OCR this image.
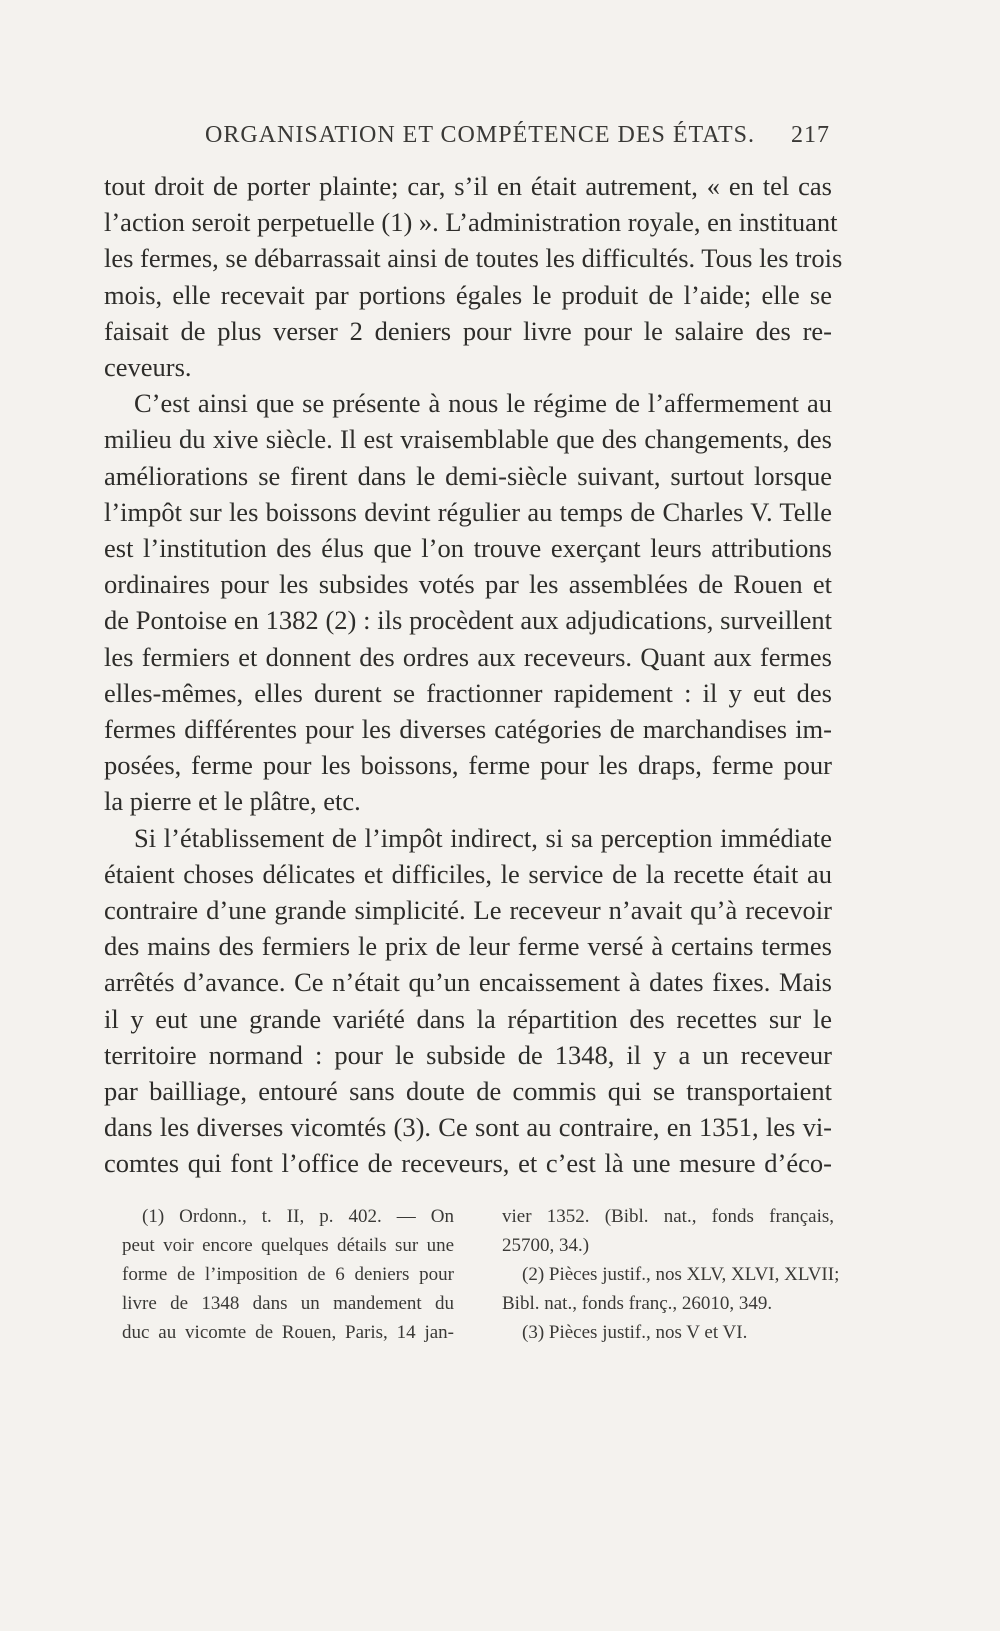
ORGANISATION ET COMPÉTENCE DES ÉTATS. 217
tout droit de porter plainte; car, s’il en était autrement, « en tel cas
l’action seroit perpetuelle (1) ». L’administration royale, en instituant
les fermes, se débarrassait ainsi de toutes les difficultés. Tous les trois
mois, elle recevait par portions égales le produit de l’aide; elle se
faisait de plus verser 2 deniers pour livre pour le salaire des re-
ceveurs.
C’est ainsi que se présente à nous le régime de l’affermement au
milieu du xive siècle. Il est vraisemblable que des changements, des
améliorations se firent dans le demi-siècle suivant, surtout lorsque
l’impôt sur les boissons devint régulier au temps de Charles V. Telle
est l’institution des élus que l’on trouve exerçant leurs attributions
ordinaires pour les subsides votés par les assemblées de Rouen et
de Pontoise en 1382 (2) : ils procèdent aux adjudications, surveillent
les fermiers et donnent des ordres aux receveurs. Quant aux fermes
elles-mêmes, elles durent se fractionner rapidement : il y eut des
fermes différentes pour les diverses catégories de marchandises im-
posées, ferme pour les boissons, ferme pour les draps, ferme pour
la pierre et le plâtre, etc.
Si l’établissement de l’impôt indirect, si sa perception immédiate
étaient choses délicates et difficiles, le service de la recette était au
contraire d’une grande simplicité. Le receveur n’avait qu’à recevoir
des mains des fermiers le prix de leur ferme versé à certains termes
arrêtés d’avance. Ce n’était qu’un encaissement à dates fixes. Mais
il y eut une grande variété dans la répartition des recettes sur le
territoire normand : pour le subside de 1348, il y a un receveur
par bailliage, entouré sans doute de commis qui se transportaient
dans les diverses vicomtés (3). Ce sont au contraire, en 1351, les vi-
comtes qui font l’office de receveurs, et c’est là une mesure d’éco-
(1) Ordonn., t. II, p. 402. — On
peut voir encore quelques détails sur une
forme de l’imposition de 6 deniers pour
livre de 1348 dans un mandement du
duc au vicomte de Rouen, Paris, 14 jan-
vier 1352. (Bibl. nat., fonds français,
25700, 34.)
(2) Pièces justif., nos XLV, XLVI, XLVII;
Bibl. nat., fonds franç., 26010, 349.
(3) Pièces justif., nos V et VI.
